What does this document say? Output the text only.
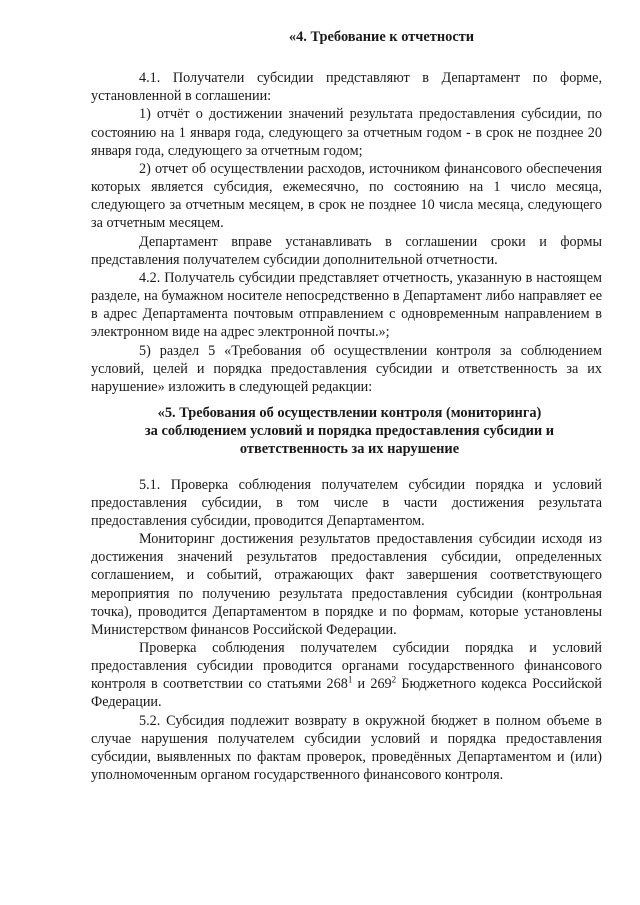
«4. Требование к отчетности

4.1. Получатели субсидии представляют в Департамент по форме, установленной в соглашении:

1) отчёт о достижении значений результата предоставления субсидии, по состоянию на 1 января года, следующего за отчетным годом - в срок не позднее 20 января года, следующего за отчетным годом;

2) отчет об осуществлении расходов, источником финансового обеспечения которых является субсидия, ежемесячно, по состоянию на 1 число месяца, следующего за отчетным месяцем, в срок не позднее 10 числа месяца, следующего за отчетным месяцем.

Департамент вправе устанавливать в соглашении сроки и формы представления получателем субсидии дополнительной отчетности.

4.2. Получатель субсидии представляет отчетность, указанную в настоящем разделе, на бумажном носителе непосредственно в Департамент либо направляет ее в адрес Департамента почтовым отправлением с одновременным направлением в электронном виде на адрес электронной почты.»;

5) раздел 5 «Требования об осуществлении контроля за соблюдением условий, целей и порядка предоставления субсидии и ответственность за их нарушение» изложить в следующей редакции:

«5. Требования об осуществлении контроля (мониторинга)
за соблюдением условий и порядка предоставления субсидии и
ответственность за их нарушение

5.1. Проверка соблюдения получателем субсидии порядка и условий предоставления субсидии, в том числе в части достижения результата предоставления субсидии, проводится Департаментом.

Мониторинг достижения результатов предоставления субсидии исходя из достижения значений результатов предоставления субсидии, определенных соглашением, и событий, отражающих факт завершения соответствующего мероприятия по получению результата предоставления субсидии (контрольная точка), проводится Департаментом в порядке и по формам, которые установлены Министерством финансов Российской Федерации.

Проверка соблюдения получателем субсидии порядка и условий предоставления субсидии проводится органами государственного финансового контроля в соответствии со статьями $268^1$ и $269^2$ Бюджетного кодекса Российской Федерации.

5.2. Субсидия подлежит возврату в окружной бюджет в полном объеме в случае нарушения получателем субсидии условий и порядка предоставления субсидии, выявленных по фактам проверок, проведённых Департаментом и (или) уполномоченным органом государственного финансового контроля.
